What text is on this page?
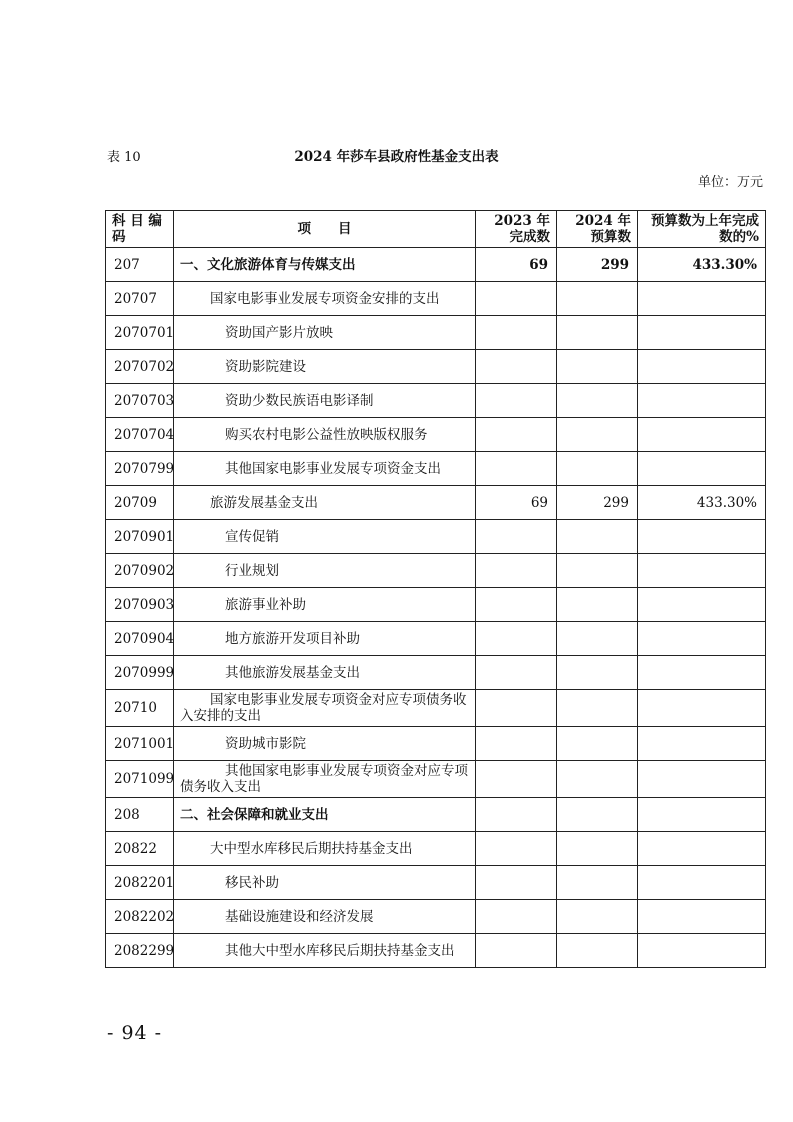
表 10	2024 年莎车县政府性基金支出表
单位：万元
科 目 编 码	项　　目	2023 年完成数	2024 年预算数	预算数为上年完成数的%
207	一、文化旅游体育与传媒支出	69	299	433.30%
20707	国家电影事业发展专项资金安排的支出			
2070701	资助国产影片放映			
2070702	资助影院建设			
2070703	资助少数民族语电影译制			
2070704	购买农村电影公益性放映版权服务			
2070799	其他国家电影事业发展专项资金支出			
20709	旅游发展基金支出	69	299	433.30%
2070901	宣传促销			
2070902	行业规划			
2070903	旅游事业补助			
2070904	地方旅游开发项目补助			
2070999	其他旅游发展基金支出			
20710	国家电影事业发展专项资金对应专项债务收入安排的支出			
2071001	资助城市影院			
2071099	其他国家电影事业发展专项资金对应专项债务收入支出			
208	二、社会保障和就业支出			
20822	大中型水库移民后期扶持基金支出			
2082201	移民补助			
2082202	基础设施建设和经济发展			
2082299	其他大中型水库移民后期扶持基金支出			
- 94 -
